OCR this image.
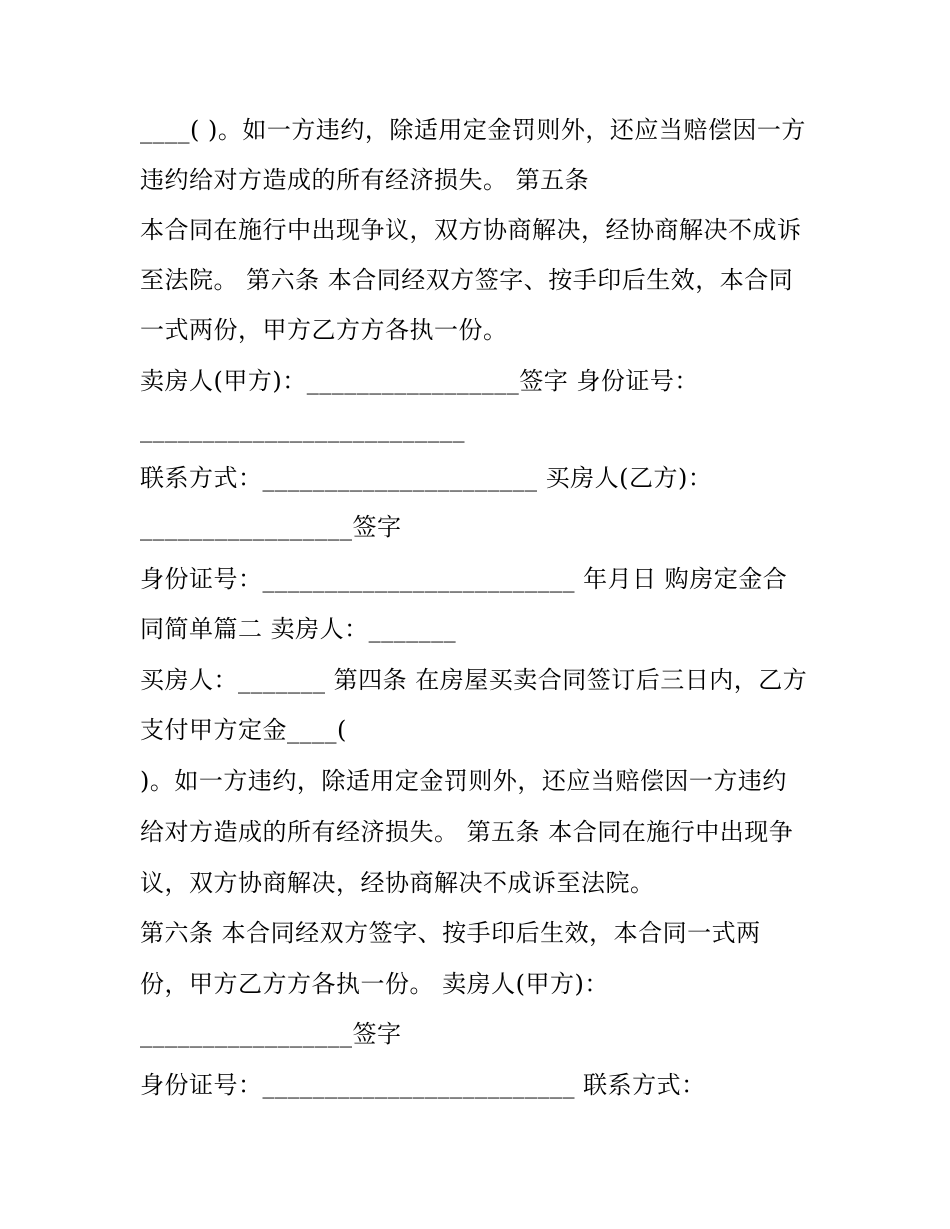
____( )。如一方违约，除适用定金罚则外，还应当赔偿因一方

违约给对方造成的所有经济损失。 第五条

本合同在施行中出现争议，双方协商解决，经协商解决不成诉

至法院。 第六条 本合同经双方签字、按手印后生效，本合同

一式两份，甲方乙方方各执一份。

卖房人(甲方)：_________________签字 身份证号：

__________________________

联系方式：______________________ 买房人(乙方)：

_________________签字

身份证号：_________________________ 年月日 购房定金合

同简单篇二 卖房人：_______

买房人：_______ 第四条 在房屋买卖合同签订后三日内，乙方

支付甲方定金____(

)。如一方违约，除适用定金罚则外，还应当赔偿因一方违约

给对方造成的所有经济损失。 第五条 本合同在施行中出现争

议，双方协商解决，经协商解决不成诉至法院。

第六条 本合同经双方签字、按手印后生效，本合同一式两

份，甲方乙方方各执一份。 卖房人(甲方)：

_________________签字

身份证号：_________________________ 联系方式：
